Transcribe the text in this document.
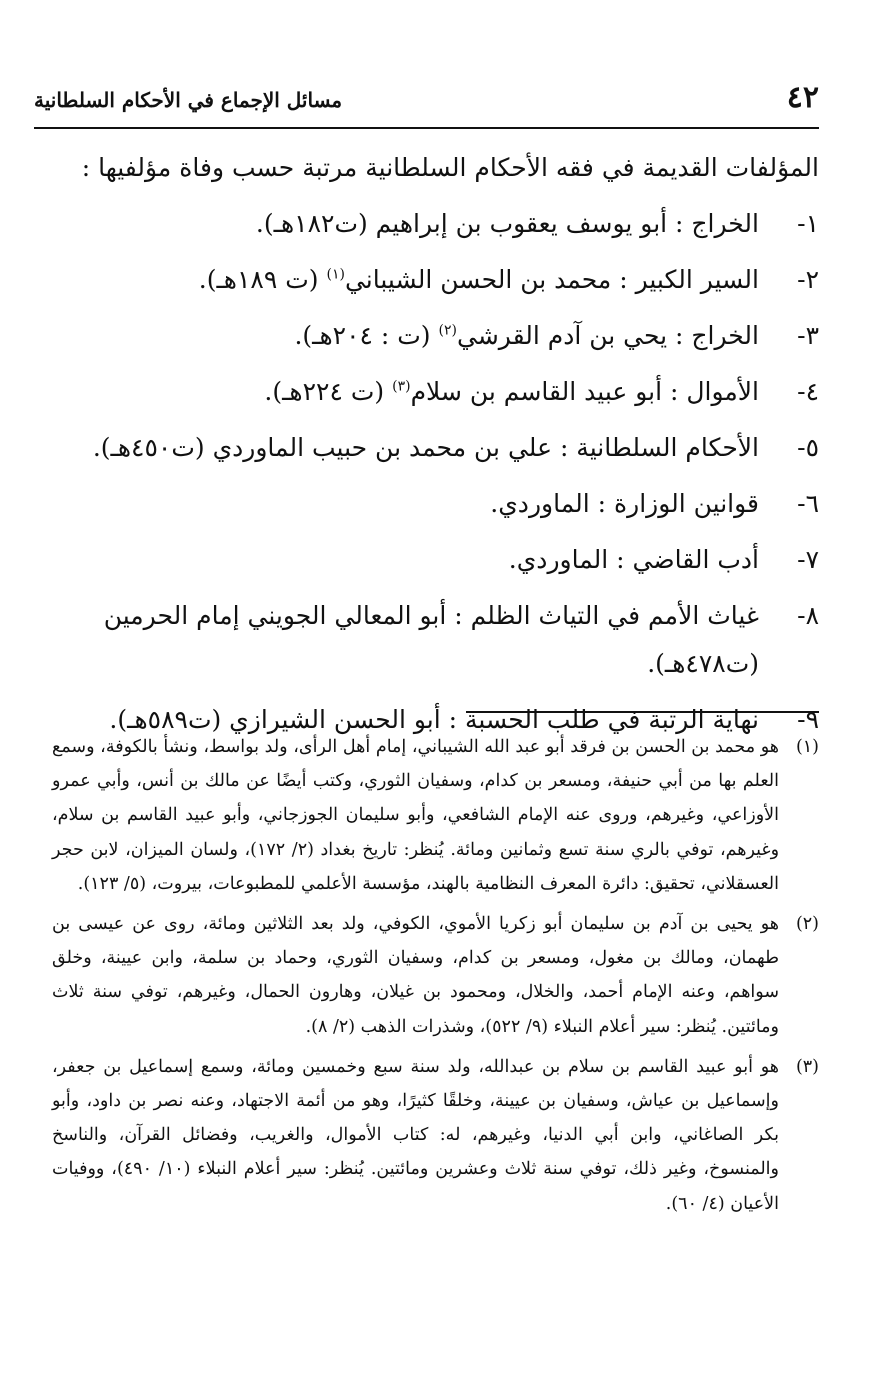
٤٢
مسائل الإجماع في الأحكام السلطانية

المؤلفات القديمة في فقه الأحكام السلطانية مرتبة حسب وفاة مؤلفيها :

١-
الخراج : أبو يوسف يعقوب بن إبراهيم (ت١٨٢هـ).
٢-
السير الكبير : محمد بن الحسن الشيباني$^{(١)}$ (ت ١٨٩هـ).
٣-
الخراج : يحي بن آدم القرشي$^{(٢)}$ (ت : ٢٠٤هـ).
٤-
الأموال : أبو عبيد القاسم بن سلام$^{(٣)}$ (ت ٢٢٤هـ).
٥-
الأحكام السلطانية : علي بن محمد بن حبيب الماوردي (ت٤٥٠هـ).
٦-
قوانين الوزارة : الماوردي.
٧-
أدب القاضي : الماوردي.
٨-
غياث الأمم في التياث الظلم : أبو المعالي الجويني إمام الحرمين (ت٤٧٨هـ).
٩-
نهاية الرتبة في طلب الحسبة : أبو الحسن الشيرازي (ت٥٨٩هـ).
(١)
هو محمد بن الحسن بن فرقد أبو عبد الله الشيباني، إمام أهل الرأى، ولد بواسط، ونشأ بالكوفة، وسمع العلم بها من أبي حنيفة، ومسعر بن كدام، وسفيان الثوري، وكتب أيضًا عن مالك بن أنس، وأبي عمرو الأوزاعي، وغيرهم، وروى عنه الإمام الشافعي، وأبو سليمان الجوزجاني، وأبو عبيد القاسم بن سلام، وغيرهم، توفي بالري سنة تسع وثمانين ومائة. يُنظر: تاريخ بغداد (٢/ ١٧٢)، ولسان الميزان، لابن حجر العسقلاني، تحقيق: دائرة المعرف النظامية بالهند، مؤسسة الأعلمي للمطبوعات، بيروت، (٥/ ١٢٣).
(٢)
هو يحيى بن آدم بن سليمان أبو زكريا الأموي، الكوفي، ولد بعد الثلاثين ومائة، روى عن عيسى بن طهمان، ومالك بن مغول، ومسعر بن كدام، وسفيان الثوري، وحماد بن سلمة، وابن عيينة، وخلق سواهم، وعنه الإمام أحمد، والخلال، ومحمود بن غيلان، وهارون الحمال، وغيرهم، توفي سنة ثلاث ومائتين. يُنظر: سير أعلام النبلاء (٩/ ٥٢٢)، وشذرات الذهب (٢/ ٨).
(٣)
هو أبو عبيد القاسم بن سلام بن عبدالله، ولد سنة سبع وخمسين ومائة، وسمع إسماعيل بن جعفر، وإسماعيل بن عياش، وسفيان بن عيينة، وخلقًا كثيرًا، وهو من أئمة الاجتهاد، وعنه نصر بن داود، وأبو بكر الصاغاني، وابن أبي الدنيا، وغيرهم، له: كتاب الأموال، والغريب، وفضائل القرآن، والناسخ والمنسوخ، وغير ذلك، توفي سنة ثلاث وعشرين ومائتين. يُنظر: سير أعلام النبلاء (١٠/ ٤٩٠)، ووفيات الأعيان (٤/ ٦٠).
